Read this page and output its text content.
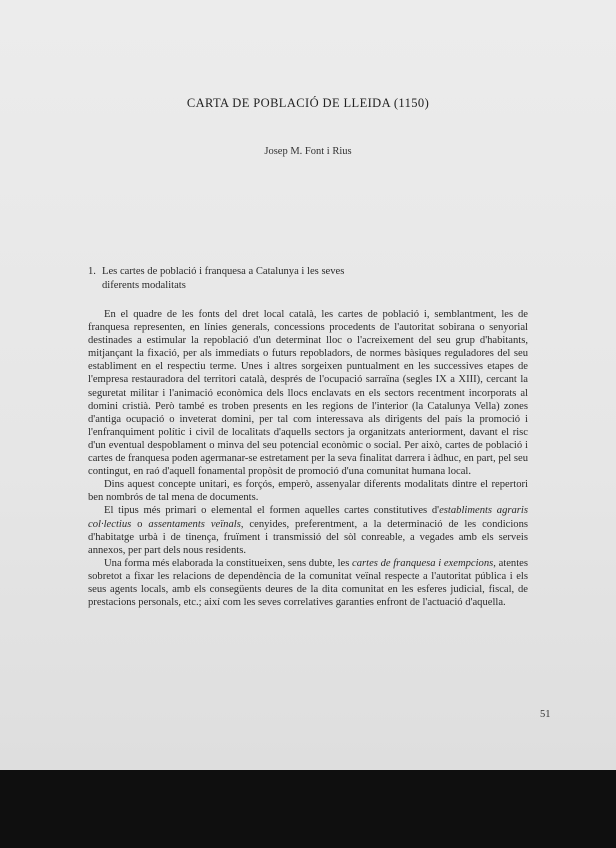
CARTA DE POBLACIÓ DE LLEIDA (1150)
Josep M. Font i Rius
1. Les cartes de població i franquesa a Catalunya i les seves
diferents modalitats

En el quadre de les fonts del dret local català, les cartes de població i, semblantment, les de franquesa representen, en línies generals, concessions procedents de l'autoritat sobirana o senyorial destinades a estimular la repoblació d'un determinat lloc o l'acreixement del seu grup d'habitants, mitjançant la fixació, per als immediats o futurs repobladors, de normes bàsiques reguladores del seu establiment en el respectiu terme. Unes i altres sorgeixen puntualment en les successives etapes de l'empresa restauradora del territori català, després de l'ocupació sarraïna (segles IX a XIII), cercant la seguretat militar i l'animació econòmica dels llocs enclavats en els sectors recentment incorporats al domini cristià. Però també es troben presents en les regions de l'interior (la Catalunya Vella) zones d'antiga ocupació o inveterat domini, per tal com interessava als dirigents del país la promoció i l'enfranquiment polític i civil de localitats d'aquells sectors ja organitzats anteriorment, davant el risc d'un eventual despoblament o minva del seu potencial econòmic o social. Per això, cartes de població i cartes de franquesa poden agermanar-se estretament per la seva finalitat darrera i àdhuc, en part, pel seu contingut, en raó d'aquell fonamental propòsit de promoció d'una comunitat humana local.

Dins aquest concepte unitari, es forçós, emperò, assenyalar diferents modalitats dintre el repertori ben nombrós de tal mena de documents.

El tipus més primari o elemental el formen aquelles cartes constitutives d'establiments agraris col·lectius o assentaments veïnals, cenyides, preferentment, a la determinació de les condicions d'habitatge urbà i de tinença, fruïment i transmissió del sòl conreable, a vegades amb els serveis annexos, per part dels nous residents.

Una forma més elaborada la constitueixen, sens dubte, les cartes de franquesa i exempcions, atentes sobretot a fixar les relacions de dependència de la comunitat veïnal respecte a l'autoritat pública i els seus agents locals, amb els consegüents deures de la dita comunitat en les esferes judicial, fiscal, de prestacions personals, etc.; així com les seves correlatives garanties enfront de l'actuació d'aquella.

51
